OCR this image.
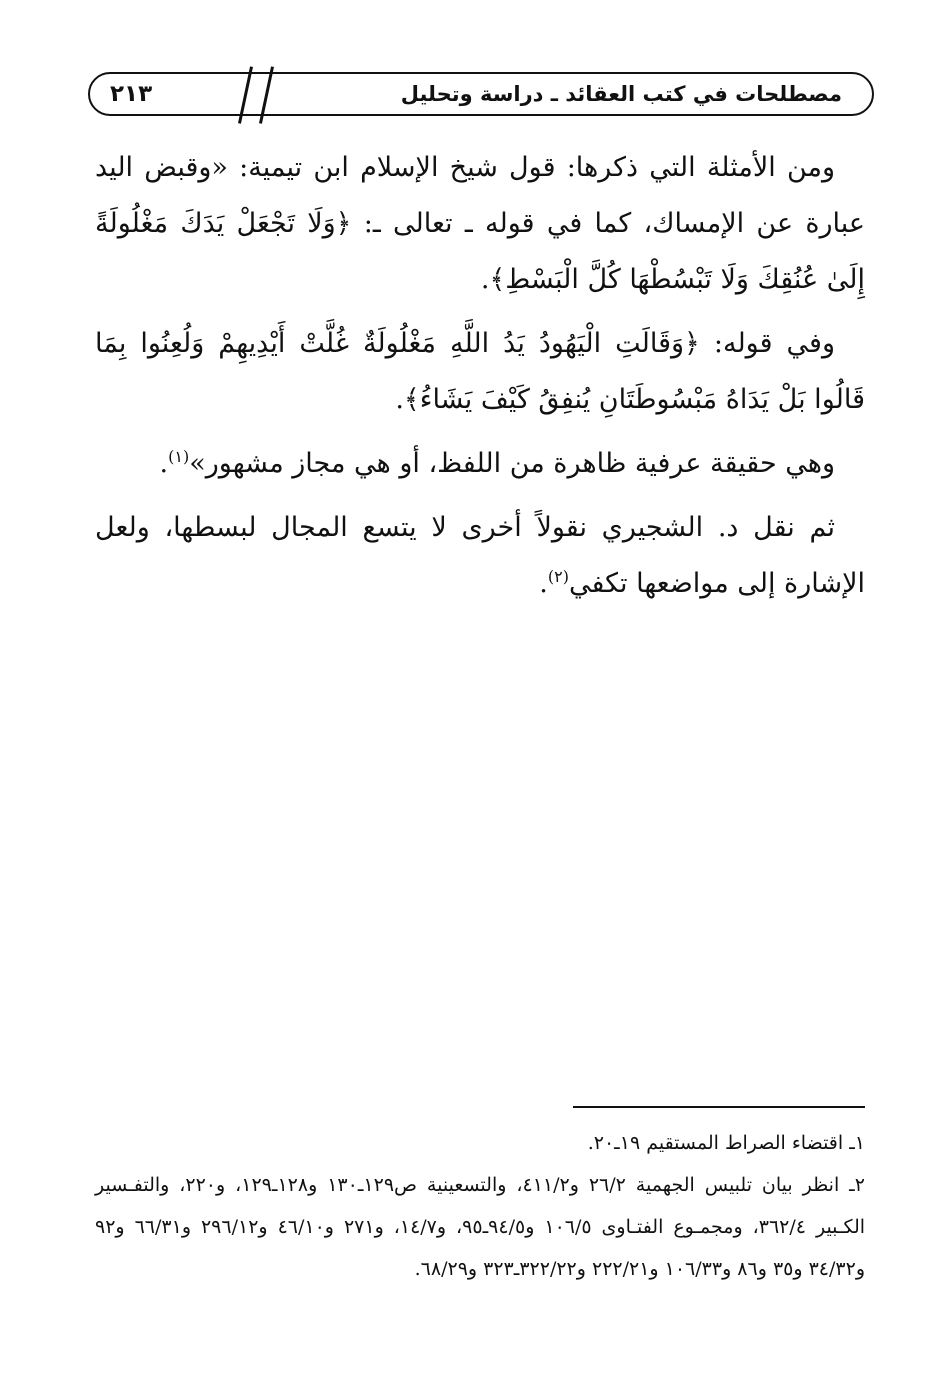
مصطلحات في كتب العقائد ـ دراسة وتحليل
٢١٣

ومن الأمثلة التي ذكرها: قول شيخ الإسلام ابن تيمية: «وقبض اليد عبارة عن الإمساك، كما في قوله ـ تعالى ـ: ﴿وَلَا تَجْعَلْ يَدَكَ مَغْلُولَةً إِلَىٰ عُنُقِكَ وَلَا تَبْسُطْهَا كُلَّ الْبَسْطِ﴾.

وفي قوله: ﴿وَقَالَتِ الْيَهُودُ يَدُ اللَّهِ مَغْلُولَةٌ غُلَّتْ أَيْدِيهِمْ وَلُعِنُوا بِمَا قَالُوا بَلْ يَدَاهُ مَبْسُوطَتَانِ يُنفِقُ كَيْفَ يَشَاءُ﴾.

وهي حقيقة عرفية ظاهرة من اللفظ، أو هي مجاز مشهور»$^{(١)}$.

ثم نقل د. الشجيري نقولاً أخرى لا يتسع المجال لبسطها، ولعل الإشارة إلى مواضعها تكفي$^{(٢)}$.

١ـ اقتضاء الصراط المستقيم ١٩ـ٢٠.

٢ـ انظر بيان تلبيس الجهمية ٢٦/٢ و٤١١/٢، والتسعينية ص١٢٩ـ١٣٠ و١٢٨ـ١٢٩، و٢٢٠، والتفـسير الكـبير ٣٦٢/٤، ومجمـوع الفتـاوى ١٠٦/٥ و٩٤/٥ـ٩٥، و١٤/٧، و٢٧١ و٤٦/١٠ و٢٩٦/١٢ و٦٦/٣١ و٩٢ و٣٤/٣٢ و٣٥ و٨٦ و١٠٦/٣٣ و٢٢٢/٢١ و٣٢٢/٢٢ـ٣٢٣ و٦٨/٢٩.
